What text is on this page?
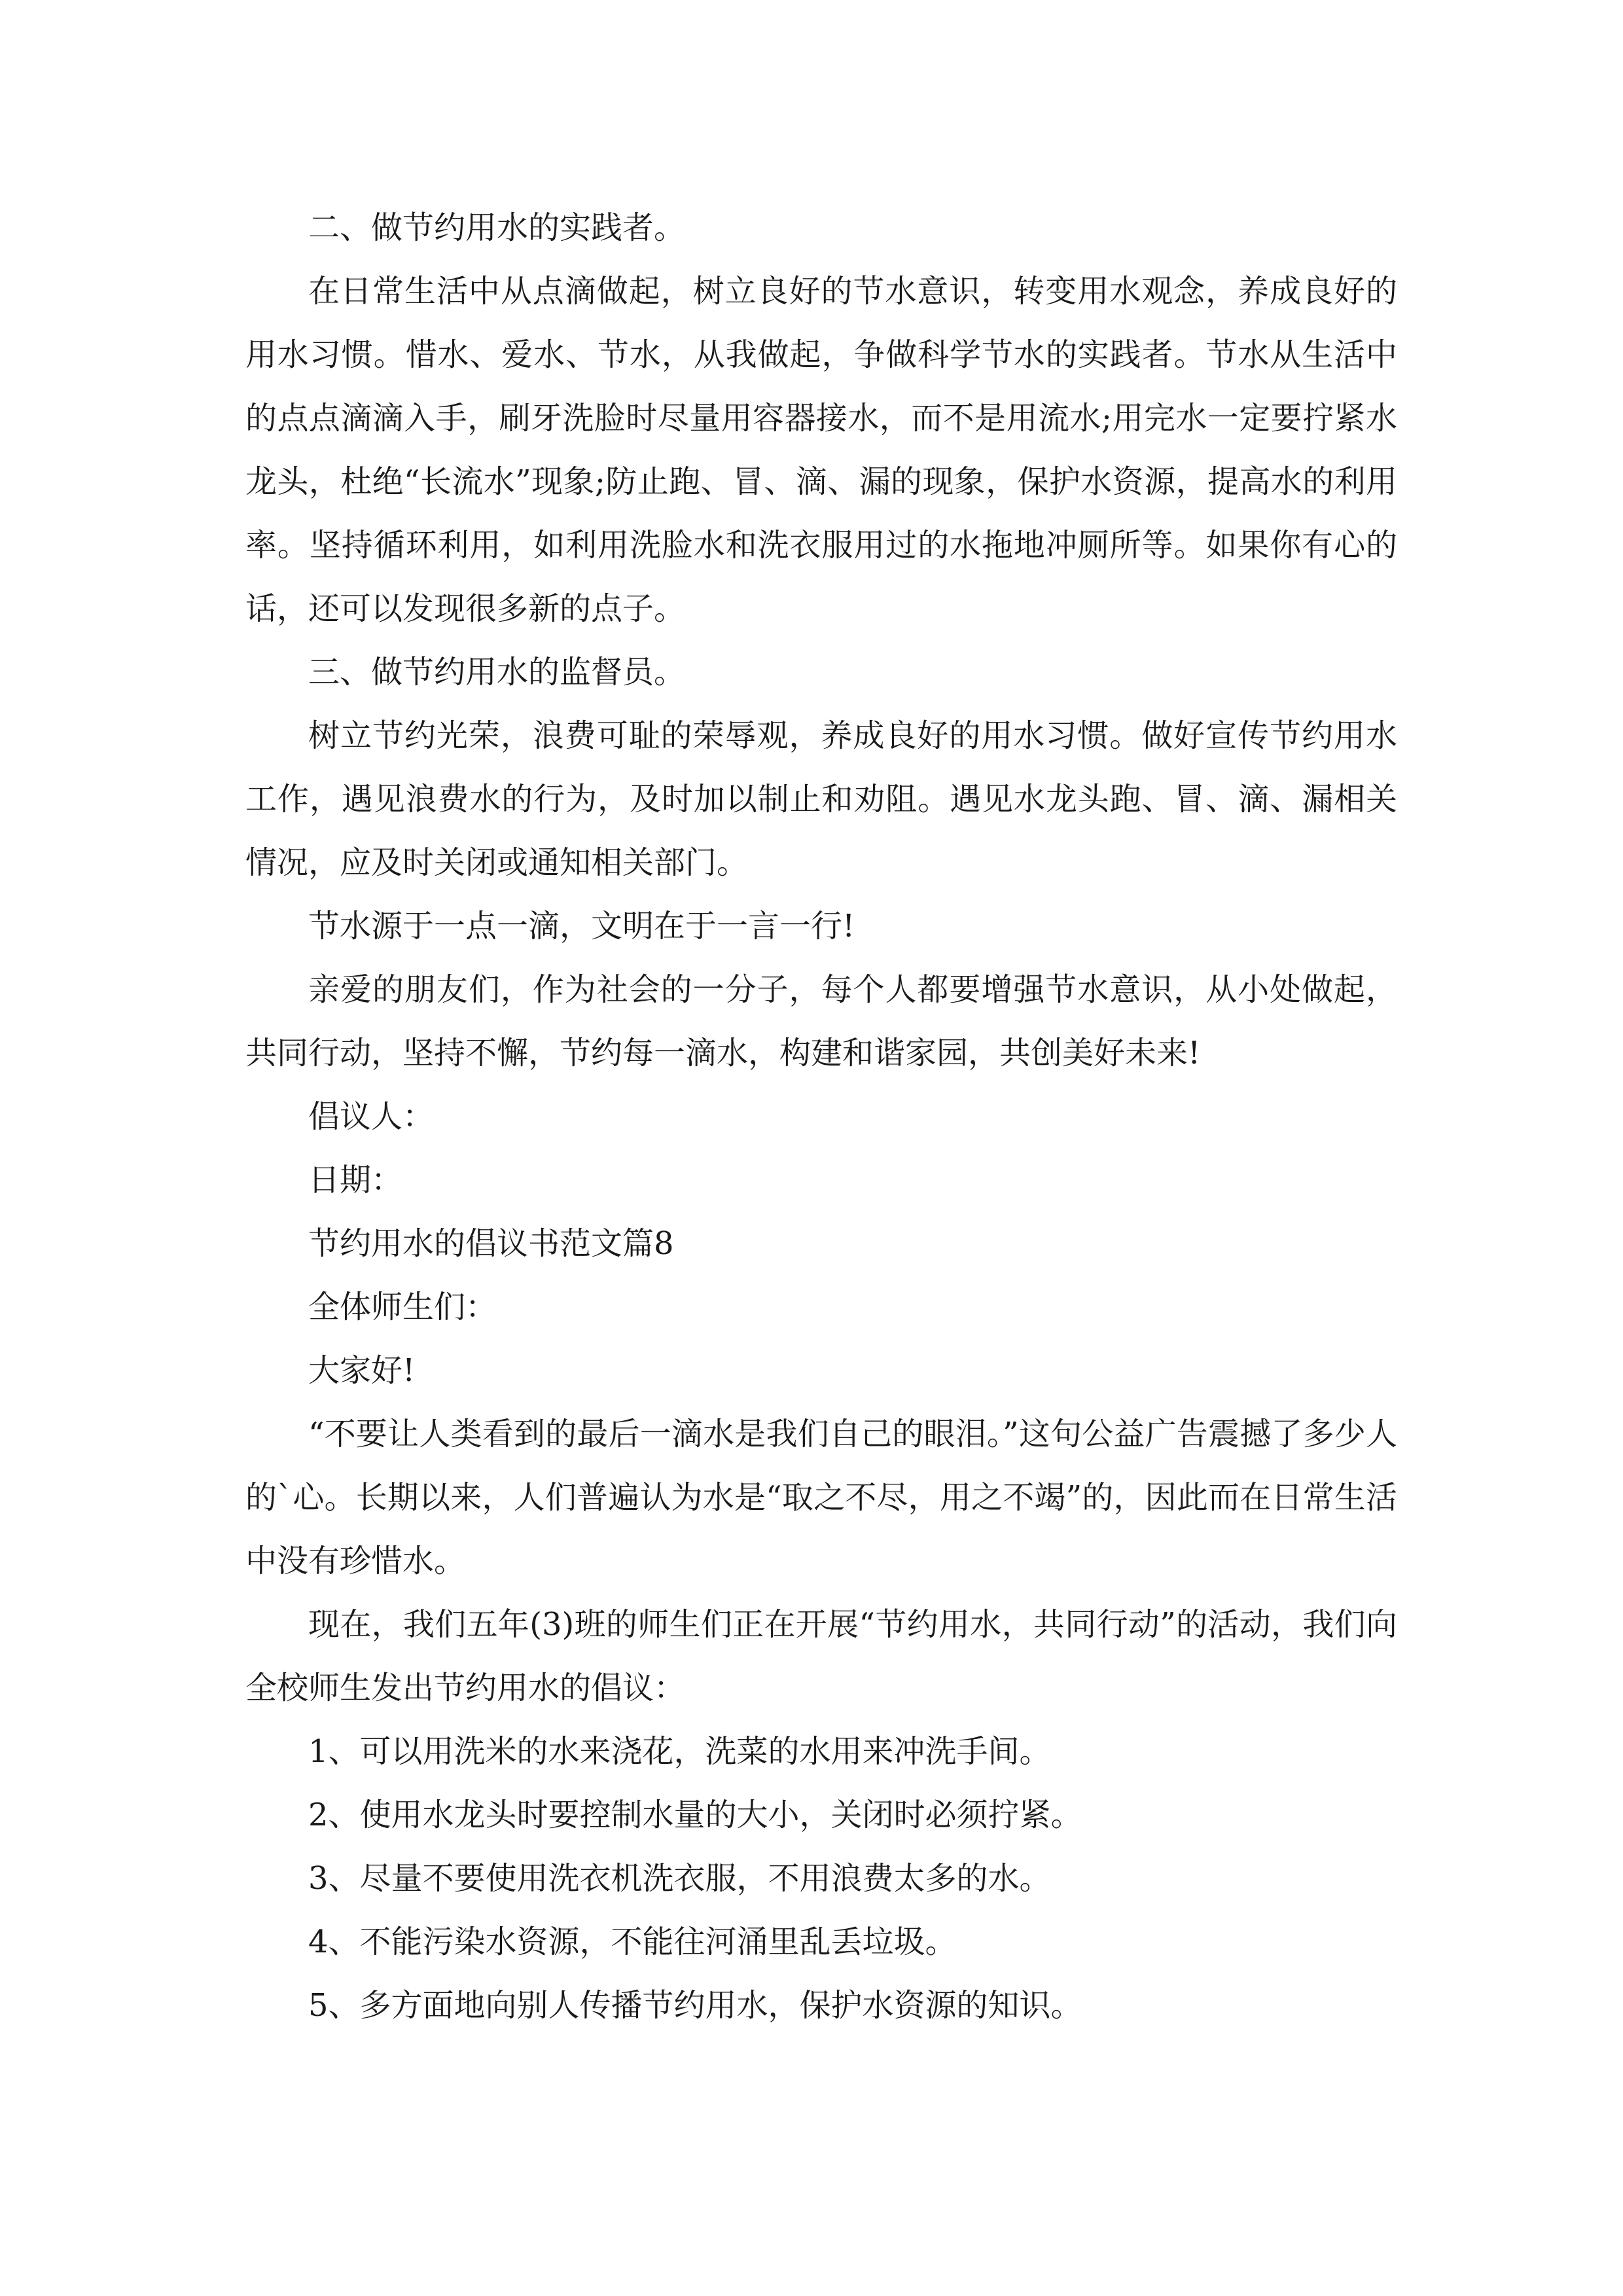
二、做节约用水的实践者。

在日常生活中从点滴做起，树立良好的节水意识，转变用水观念，养成良好的用水习惯。惜水、爱水、节水，从我做起，争做科学节水的实践者。节水从生活中的点点滴滴入手，刷牙洗脸时尽量用容器接水，而不是用流水;用完水一定要拧紧水龙头，杜绝“长流水”现象;防止跑、冒、滴、漏的现象，保护水资源，提高水的利用率。坚持循环利用，如利用洗脸水和洗衣服用过的水拖地冲厕所等。如果你有心的话，还可以发现很多新的点子。

三、做节约用水的监督员。

树立节约光荣，浪费可耻的荣辱观，养成良好的用水习惯。做好宣传节约用水工作，遇见浪费水的行为，及时加以制止和劝阻。遇见水龙头跑、冒、滴、漏相关情况，应及时关闭或通知相关部门。

节水源于一点一滴，文明在于一言一行!

亲爱的朋友们，作为社会的一分子，每个人都要增强节水意识，从小处做起，共同行动，坚持不懈，节约每一滴水，构建和谐家园，共创美好未来!

倡议人：

日期：

节约用水的倡议书范文篇8

全体师生们：

大家好!

“不要让人类看到的最后一滴水是我们自己的眼泪。”这句公益广告震撼了多少人的`心。长期以来，人们普遍认为水是“取之不尽，用之不竭”的，因此而在日常生活中没有珍惜水。

现在，我们五年(3)班的师生们正在开展“节约用水，共同行动”的活动，我们向全校师生发出节约用水的倡议：

1、可以用洗米的水来浇花，洗菜的水用来冲洗手间。

2、使用水龙头时要控制水量的大小，关闭时必须拧紧。

3、尽量不要使用洗衣机洗衣服，不用浪费太多的水。

4、不能污染水资源，不能往河涌里乱丢垃圾。

5、多方面地向别人传播节约用水，保护水资源的知识。
